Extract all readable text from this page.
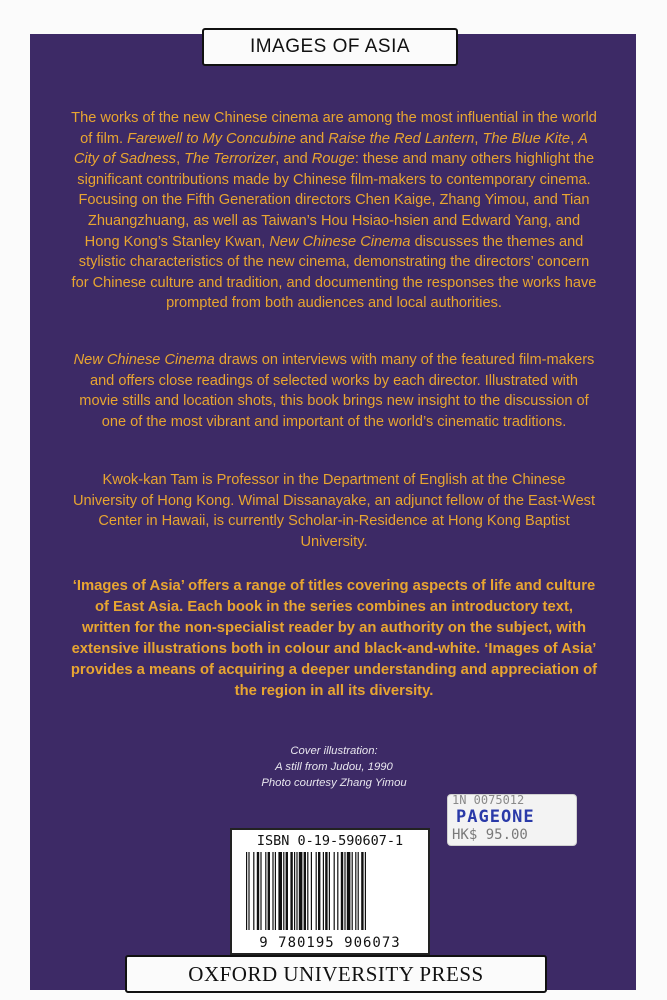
IMAGES OF ASIA
The works of the new Chinese cinema are among the most influential in the world of film. Farewell to My Concubine and Raise the Red Lantern, The Blue Kite, A City of Sadness, The Terrorizer, and Rouge: these and many others highlight the significant contributions made by Chinese film-makers to contemporary cinema. Focusing on the Fifth Generation directors Chen Kaige, Zhang Yimou, and Tian Zhuangzhuang, as well as Taiwan’s Hou Hsiao-hsien and Edward Yang, and Hong Kong’s Stanley Kwan, New Chinese Cinema discusses the themes and stylistic characteristics of the new cinema, demonstrating the directors’ concern for Chinese culture and tradition, and documenting the responses the works have prompted from both audiences and local authorities.
New Chinese Cinema draws on interviews with many of the featured film-makers and offers close readings of selected works by each director. Illustrated with movie stills and location shots, this book brings new insight to the discussion of one of the most vibrant and important of the world’s cinematic traditions.
Kwok-kan Tam is Professor in the Department of English at the Chinese University of Hong Kong. Wimal Dissanayake, an adjunct fellow of the East-West Center in Hawaii, is currently Scholar-in-Residence at Hong Kong Baptist University.
‘Images of Asia’ offers a range of titles covering aspects of life and culture of East Asia. Each book in the series combines an introductory text, written for the non-specialist reader by an authority on the subject, with extensive illustrations both in colour and black-and-white. ‘Images of Asia’ provides a means of acquiring a deeper understanding and appreciation of the region in all its diversity.
Cover illustration:
A still from Judou, 1990
Photo courtesy Zhang Yimou
1N 0075012
PAGEONE
HK$ 95.00
ISBN 0-19-590607-1
9 780195 906073
OXFORD UNIVERSITY PRESS
